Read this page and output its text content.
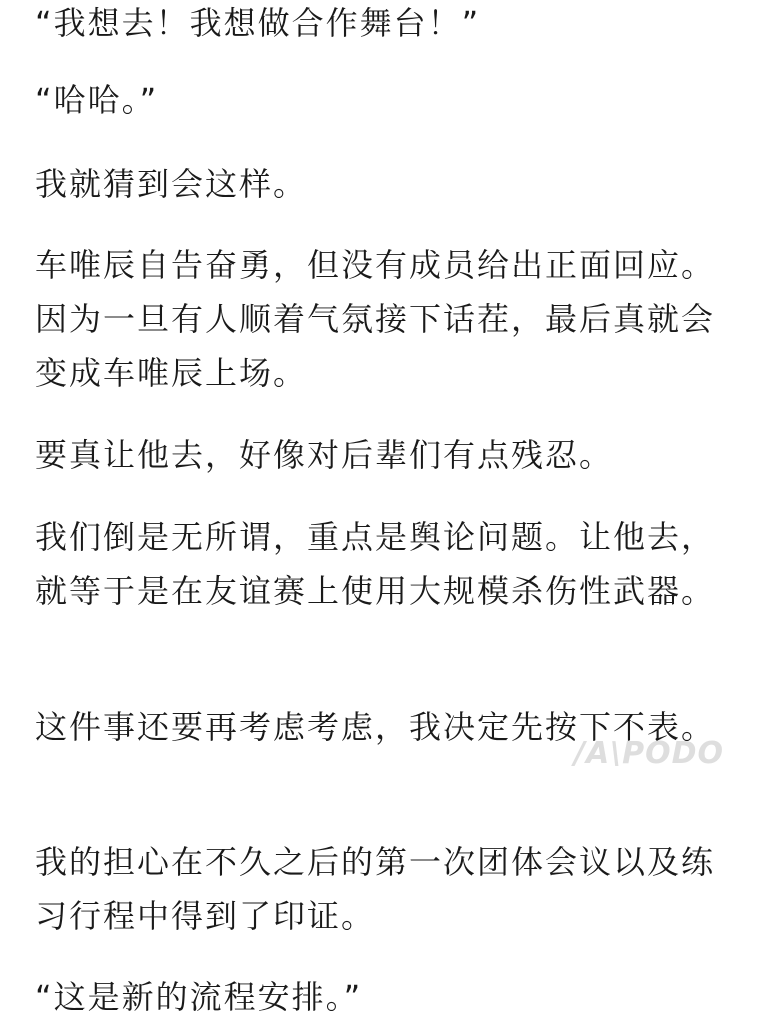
“我想去！我想做合作舞台！”

“哈哈。”

我就猜到会这样。

车唯辰自告奋勇，但没有成员给出正面回应。因为一旦有人顺着气氛接下话茬，最后真就会变成车唯辰上场。

要真让他去，好像对后辈们有点残忍。

我们倒是无所谓，重点是舆论问题。让他去，就等于是在友谊赛上使用大规模杀伤性武器。

这件事还要再考虑考虑，我决定先按下不表。

我的担心在不久之后的第一次团体会议以及练习行程中得到了印证。

“这是新的流程安排。”

/A\PODO
